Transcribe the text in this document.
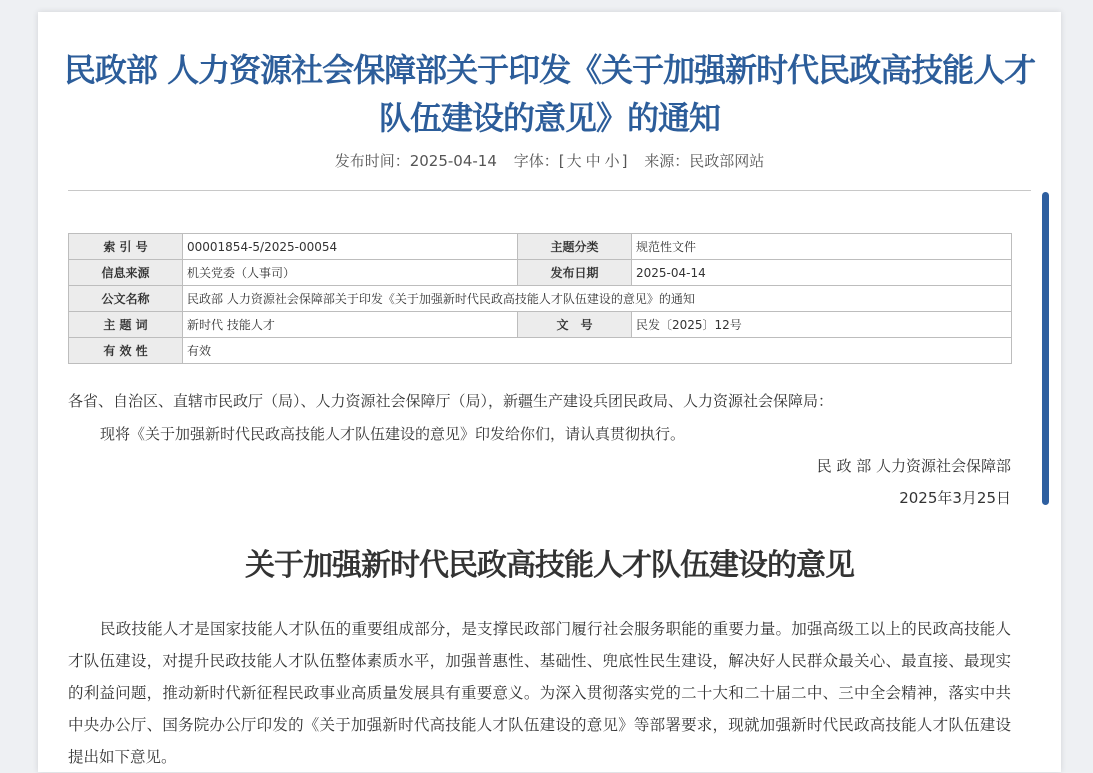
民政部 人力资源社会保障部关于印发《关于加强新时代民政高技能人才队伍建设的意见》的通知
发布时间：2025-04-14 字体：[ 大 中 小 ] 来源：民政部网站
索 引 号	00001854-5/2025-00054	主题分类	规范性文件
信息来源	机关党委（人事司）	发布日期	2025-04-14
公文名称	民政部 人力资源社会保障部关于印发《关于加强新时代民政高技能人才队伍建设的意见》的通知		
主 题 词	新时代 技能人才	文　号	民发〔2025〕12号
有 效 性	有效		
各省、自治区、直辖市民政厅（局）、人力资源社会保障厅（局），新疆生产建设兵团民政局、人力资源社会保障局：
现将《关于加强新时代民政高技能人才队伍建设的意见》印发给你们，请认真贯彻执行。
民 政 部 人力资源社会保障部
2025年3月25日
关于加强新时代民政高技能人才队伍建设的意见
民政技能人才是国家技能人才队伍的重要组成部分，是支撑民政部门履行社会服务职能的重要力量。加强高级工以上的民政高技能人才队伍建设，对提升民政技能人才队伍整体素质水平，加强普惠性、基础性、兜底性民生建设，解决好人民群众最关心、最直接、最现实的利益问题，推动新时代新征程民政事业高质量发展具有重要意义。为深入贯彻落实党的二十大和二十届二中、三中全会精神，落实中共中央办公厅、国务院办公厅印发的《关于加强新时代高技能人才队伍建设的意见》等部署要求，现就加强新时代民政高技能人才队伍建设提出如下意见。
